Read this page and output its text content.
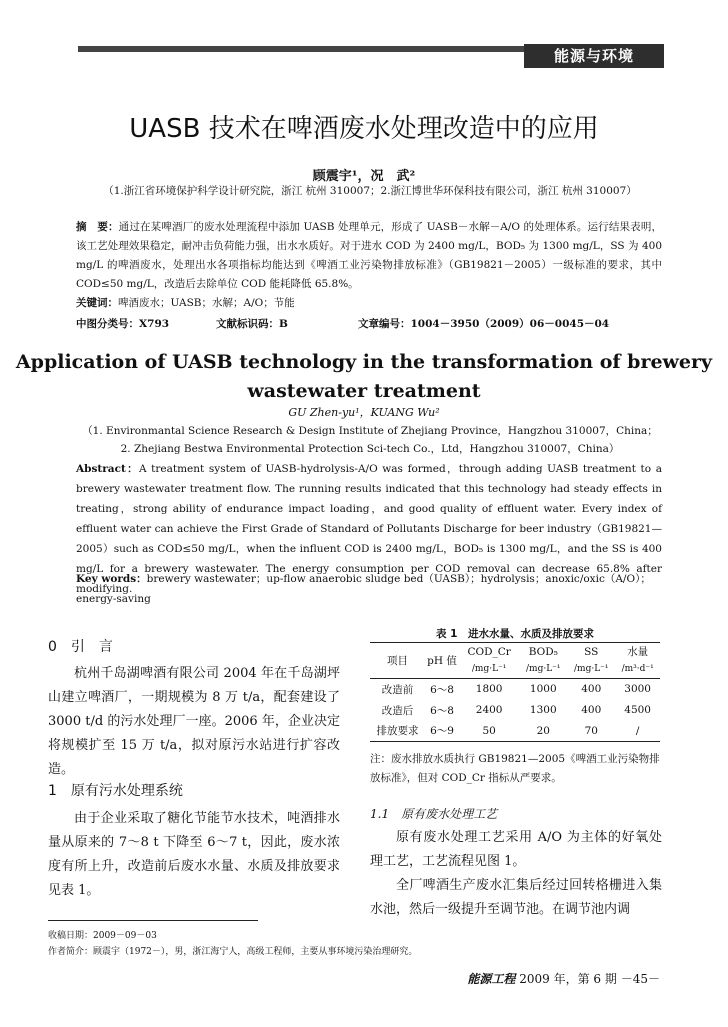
能源与环境
UASB 技术在啤酒废水处理改造中的应用
顾震宇¹，况　武²
（1.浙江省环境保护科学设计研究院，浙江 杭州 310007；2.浙江博世华环保科技有限公司，浙江 杭州 310007）
摘　要：通过在某啤酒厂的废水处理流程中添加 UASB 处理单元，形成了 UASB－水解－A/O 的处理体系。运行结果表明，该工艺处理效果稳定，耐冲击负荷能力强，出水水质好。对于进水 COD 为 2400 mg/L，BOD₅ 为 1300 mg/L，SS 为 400 mg/L 的啤酒废水，处理出水各项指标均能达到《啤酒工业污染物排放标准》（GB19821－2005）一级标准的要求，其中 COD≤50 mg/L，改造后去除单位 COD 能耗降低 65.8%。
关键词：啤酒废水；UASB；水解；A/O；节能
中图分类号：X793	文献标识码：B	文章编号：1004－3950（2009）06－0045－04
Application of UASB technology in the transformation of brewery wastewater treatment
GU Zhen-yu¹，KUANG Wu²
（1. Environmantal Science Research & Design Institute of Zhejiang Province，Hangzhou 310007，China；
2. Zhejiang Bestwa Environmental Protection Sci-tech Co.，Ltd，Hangzhou 310007，China）
Abstract：A treatment system of UASB-hydrolysis-A/O was formed，through adding UASB treatment to a brewery wastewater treatment flow. The running results indicated that this technology had steady effects in treating，strong ability of endurance impact loading，and good quality of effluent water. Every index of effluent water can achieve the First Grade of Standard of Pollutants Discharge for beer industry（GB19821—2005）such as COD≤50 mg/L，when the influent COD is 2400 mg/L，BOD₅ is 1300 mg/L，and the SS is 400 mg/L for a brewery wastewater. The energy consumption per COD removal can decrease 65.8% after modifying.
Key words：brewery wastewater；up-flow anaerobic sludge bed（UASB）；hydrolysis；anoxic/oxic（A/O）；energy-saving
0　引　言
杭州千岛湖啤酒有限公司 2004 年在千岛湖坪山建立啤酒厂，一期规模为 8 万 t/a，配套建设了 3000 t/d 的污水处理厂一座。2006 年，企业决定将规模扩至 15 万 t/a，拟对原污水站进行扩容改造。
1　原有污水处理系统
由于企业采取了糖化节能节水技术，吨酒排水量从原来的 7～8 t 下降至 6～7 t，因此，废水浓度有所上升，改造前后废水水量、水质及排放要求见表 1。
表 1　进水水量、水质及排放要求
项目	pH 值	COD_Cr	BOD₅	SS	水量
		/mg·L⁻¹	/mg·L⁻¹	/mg·L⁻¹	/m³·d⁻¹
改造前	6～8	1800	1000	400	3000
改造后	6～8	2400	1300	400	4500
排放要求	6～9	50	20	70	/
注：废水排放水质执行 GB19821—2005《啤酒工业污染物排放标准》，但对 COD_Cr 指标从严要求。
1.1　原有废水处理工艺
原有废水处理工艺采用 A/O 为主体的好氧处理工艺，工艺流程见图 1。
全厂啤酒生产废水汇集后经过回转格栅进入集水池，然后一级提升至调节池。在调节池内调
收稿日期：2009－09－03
作者简介：顾震宇（1972－），男，浙江海宁人，高级工程师，主要从事环境污染治理研究。
能源工程 2009 年，第 6 期 －45－
